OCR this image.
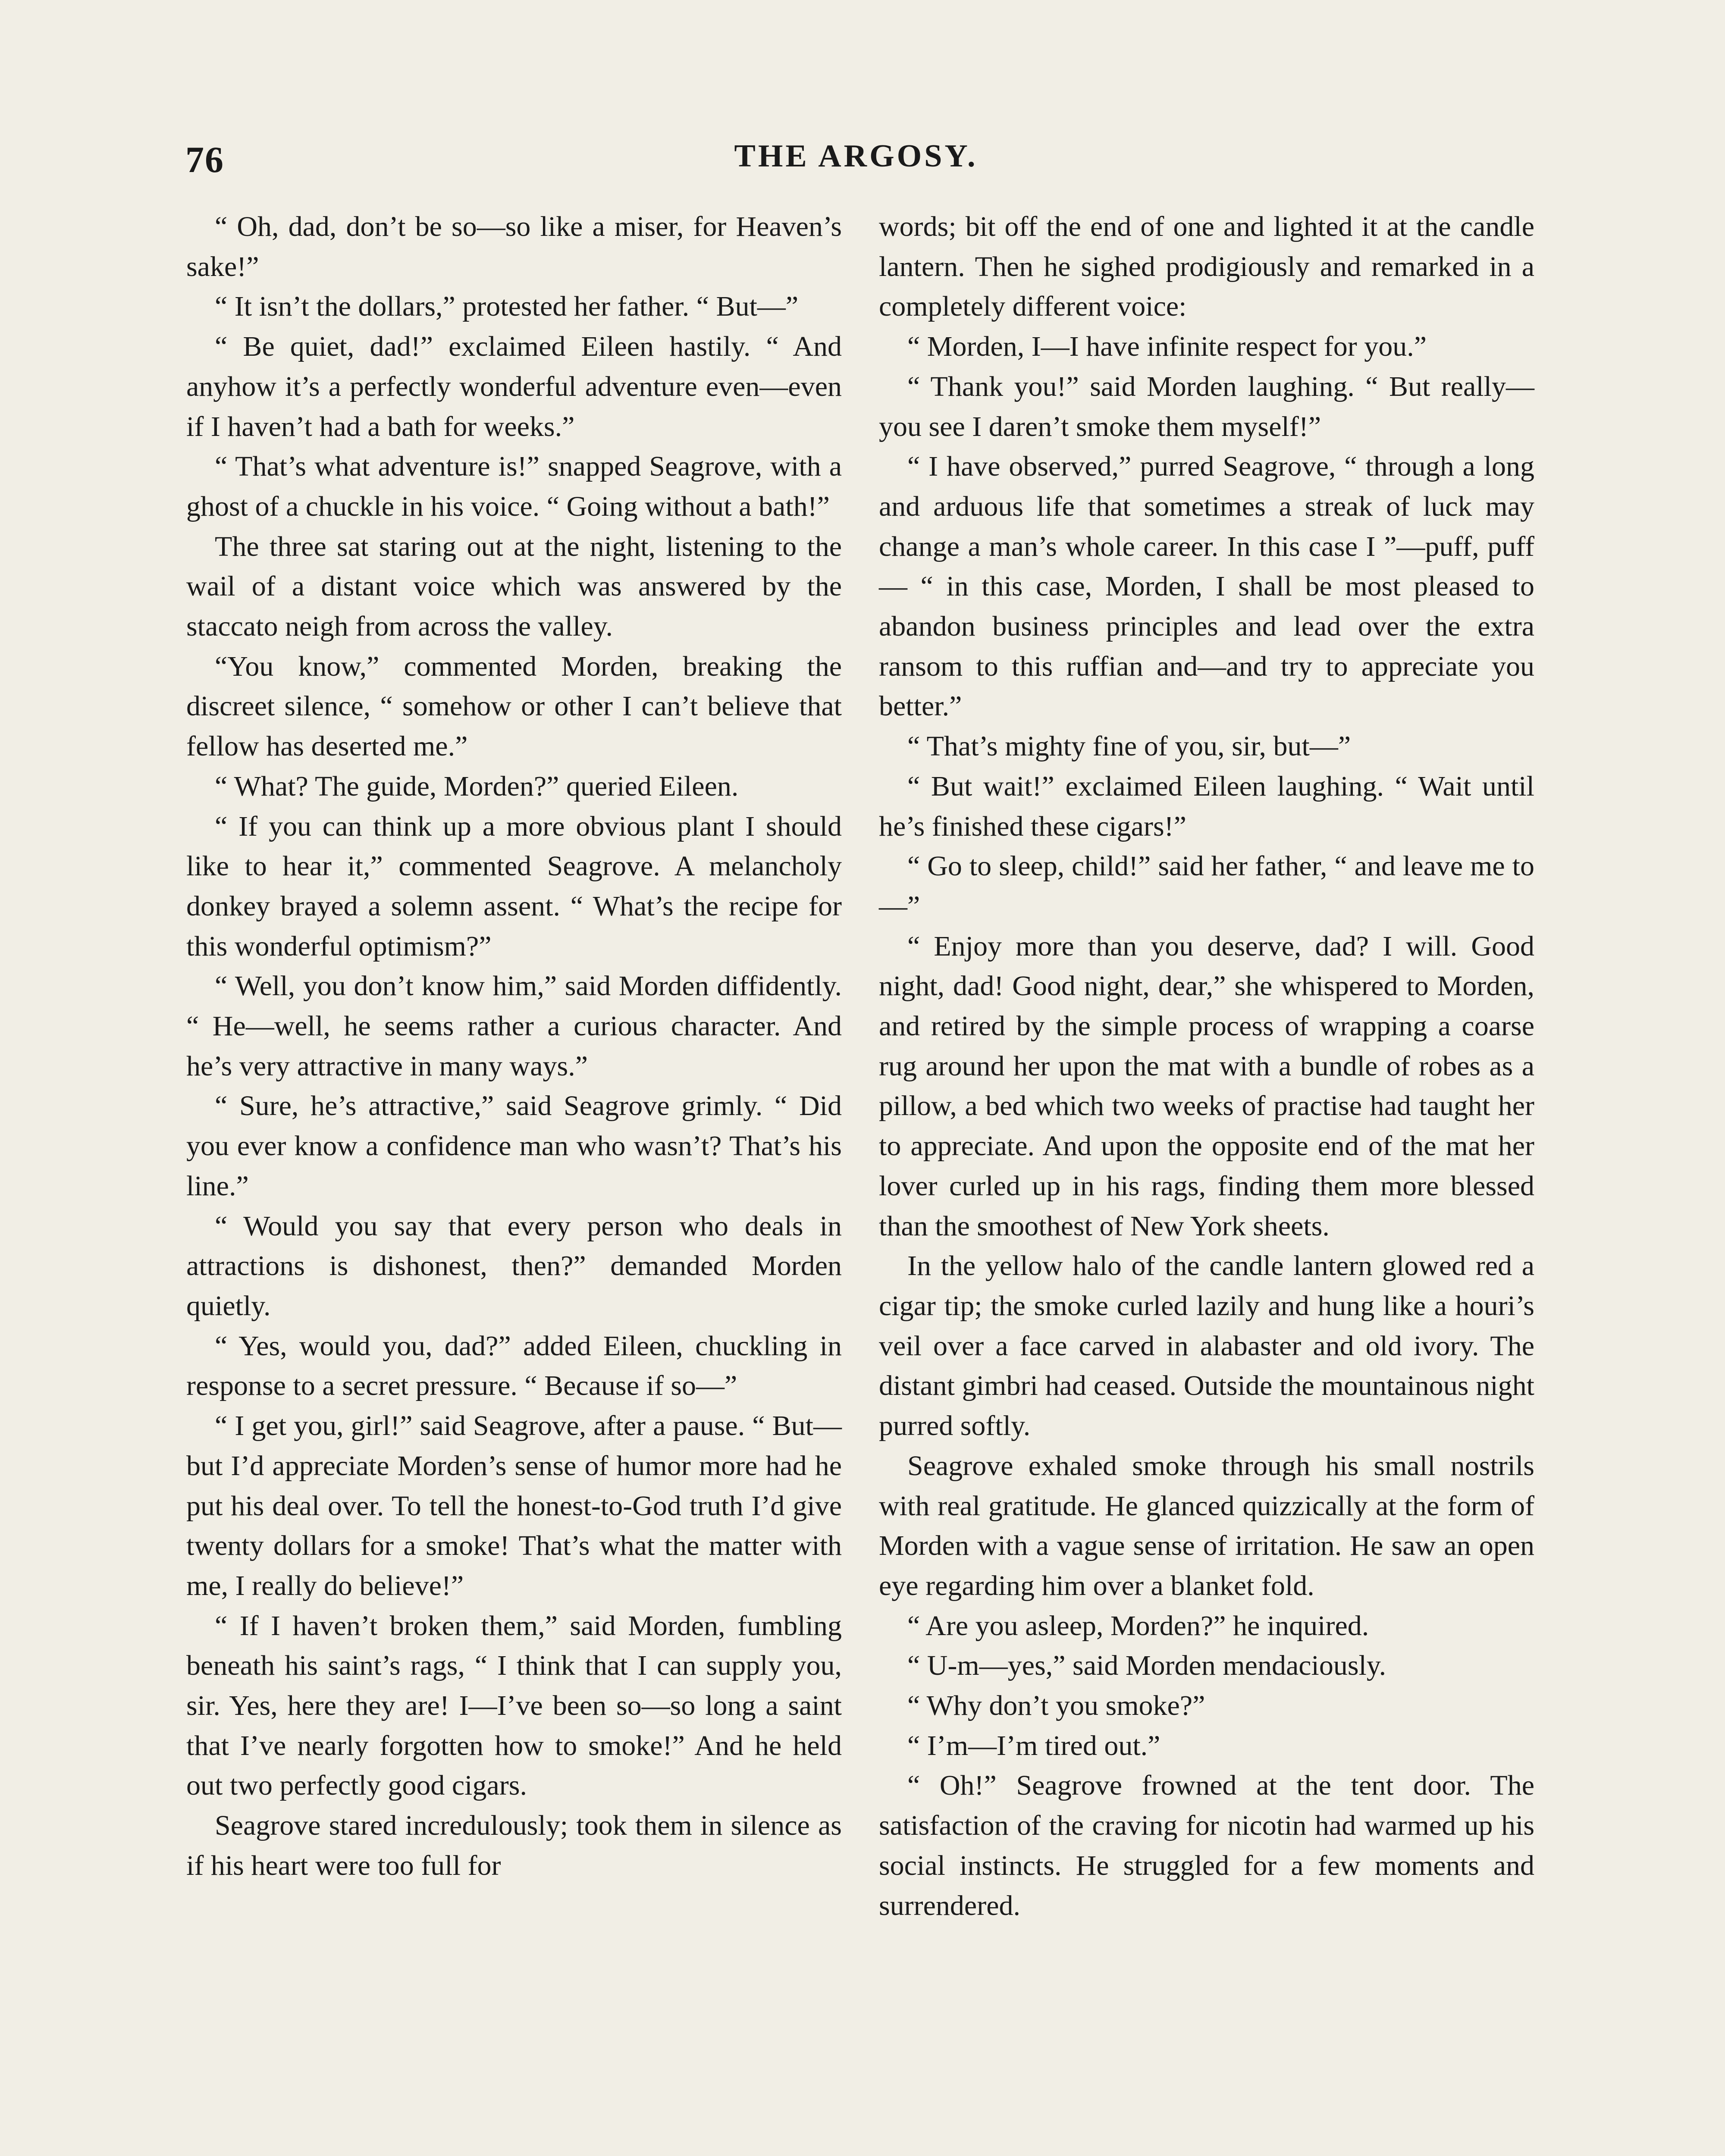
76	THE ARGOSY.

“ Oh, dad, don’t be so—so like a miser, for Heaven’s sake!”

“ It isn’t the dollars,” protested her father. “ But—”

“ Be quiet, dad!” exclaimed Eileen hastily. “ And anyhow it’s a perfectly wonderful adventure even—even if I haven’t had a bath for weeks.”

“ That’s what adventure is!” snapped Seagrove, with a ghost of a chuckle in his voice. “ Going without a bath!”

The three sat staring out at the night, listening to the wail of a distant voice which was answered by the staccato neigh from across the valley.

“You know,” commented Morden, breaking the discreet silence, “ somehow or other I can’t believe that fellow has deserted me.”

“ What? The guide, Morden?” queried Eileen.

“ If you can think up a more obvious plant I should like to hear it,” commented Seagrove. A melancholy donkey brayed a solemn assent. “ What’s the recipe for this wonderful optimism?”

“ Well, you don’t know him,” said Morden diffidently. “ He—well, he seems rather a curious character. And he’s very attractive in many ways.”

“ Sure, he’s attractive,” said Seagrove grimly. “ Did you ever know a confidence man who wasn’t? That’s his line.”

“ Would you say that every person who deals in attractions is dishonest, then?” demanded Morden quietly.

“ Yes, would you, dad?” added Eileen, chuckling in response to a secret pressure. “ Because if so—”

“ I get you, girl!” said Seagrove, after a pause. “ But—but I’d appreciate Morden’s sense of humor more had he put his deal over. To tell the honest-to-God truth I’d give twenty dollars for a smoke! That’s what the matter with me, I really do believe!”

“ If I haven’t broken them,” said Morden, fumbling beneath his saint’s rags, “ I think that I can supply you, sir. Yes, here they are! I—I’ve been so—so long a saint that I’ve nearly forgotten how to smoke!” And he held out two perfectly good cigars.

Seagrove stared incredulously; took them in silence as if his heart were too full for

words; bit off the end of one and lighted it at the candle lantern. Then he sighed prodigiously and remarked in a completely different voice:

“ Morden, I—I have infinite respect for you.”

“ Thank you!” said Morden laughing. “ But really—you see I daren’t smoke them myself!”

“ I have observed,” purred Seagrove, “ through a long and arduous life that sometimes a streak of luck may change a man’s whole career. In this case I ”—puff, puff— “ in this case, Morden, I shall be most pleased to abandon business principles and lead over the extra ransom to this ruffian and—and try to appreciate you better.”

“ That’s mighty fine of you, sir, but—”

“ But wait!” exclaimed Eileen laughing. “ Wait until he’s finished these cigars!”

“ Go to sleep, child!” said her father, “ and leave me to—”

“ Enjoy more than you deserve, dad? I will. Good night, dad! Good night, dear,” she whispered to Morden, and retired by the simple process of wrapping a coarse rug around her upon the mat with a bundle of robes as a pillow, a bed which two weeks of practise had taught her to appreciate. And upon the opposite end of the mat her lover curled up in his rags, finding them more blessed than the smoothest of New York sheets.

In the yellow halo of the candle lantern glowed red a cigar tip; the smoke curled lazily and hung like a houri’s veil over a face carved in alabaster and old ivory. The distant gimbri had ceased. Outside the mountainous night purred softly.

Seagrove exhaled smoke through his small nostrils with real gratitude. He glanced quizzically at the form of Morden with a vague sense of irritation. He saw an open eye regarding him over a blanket fold.

“ Are you asleep, Morden?” he inquired.

“ U-m—yes,” said Morden mendaciously.

“ Why don’t you smoke?”

“ I’m—I’m tired out.”

“ Oh!” Seagrove frowned at the tent door. The satisfaction of the craving for nicotin had warmed up his social instincts. He struggled for a few moments and surrendered.
